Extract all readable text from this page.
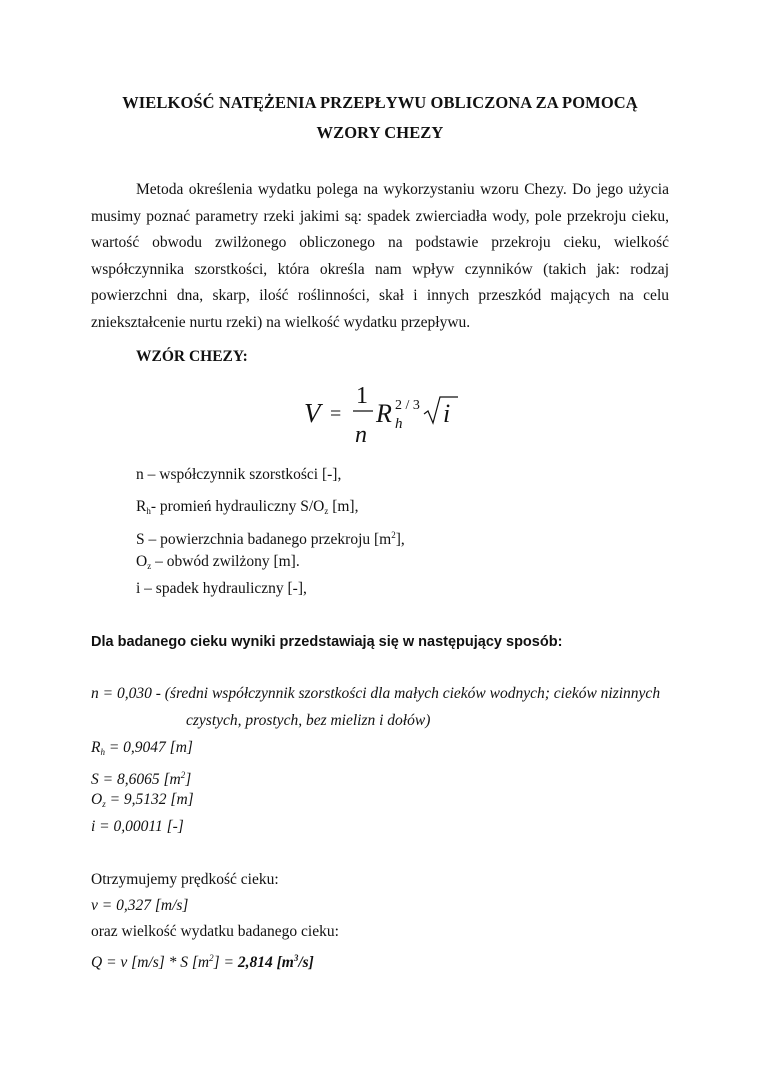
WIELKOŚĆ NATĘŻENIA PRZEPŁYWU OBLICZONA ZA POMOCĄ
WZORY CHEZY
Metoda określenia wydatku polega na wykorzystaniu wzoru Chezy. Do jego użycia musimy poznać parametry rzeki jakimi są: spadek zwierciadła wody, pole przekroju cieku, wartość obwodu zwilżonego obliczonego na podstawie przekroju cieku, wielkość współczynnika szorstkości, która określa nam wpływ czynników (takich jak: rodzaj powierzchni dna, skarp, ilość roślinności, skał i innych przeszkód mających na celu zniekształcenie nurtu rzeki) na wielkość wydatku przepływu.
WZÓR CHEZY:
V =
1
n
R h
2 / 3 i
n – współczynnik szorstkości [-],
$R_h-$ promień hydrauliczny $S/O_z$ [m],
S – powierzchnia badanego przekroju $[m^2]$,
$O_z$ – obwód zwilżony [m].
i – spadek hydrauliczny [-],
Dla badanego cieku wyniki przedstawiają się w następujący sposób:
n = 0,030 - (średni współczynnik szorstkości dla małych cieków wodnych; cieków nizinnych
czystych, prostych, bez mielizn i dołów)
$R_h = 0,9047$ [m]
S = 8,6065 $[m^2]$
$O_z = 9,5132$ [m]
i = 0,00011 [-]
Otrzymujemy prędkość cieku:
v = 0,327 [m/s]
oraz wielkość wydatku badanego cieku:
Q = v [m/s] * S $[m^2] = 2,814$ $[m^3/s]$
